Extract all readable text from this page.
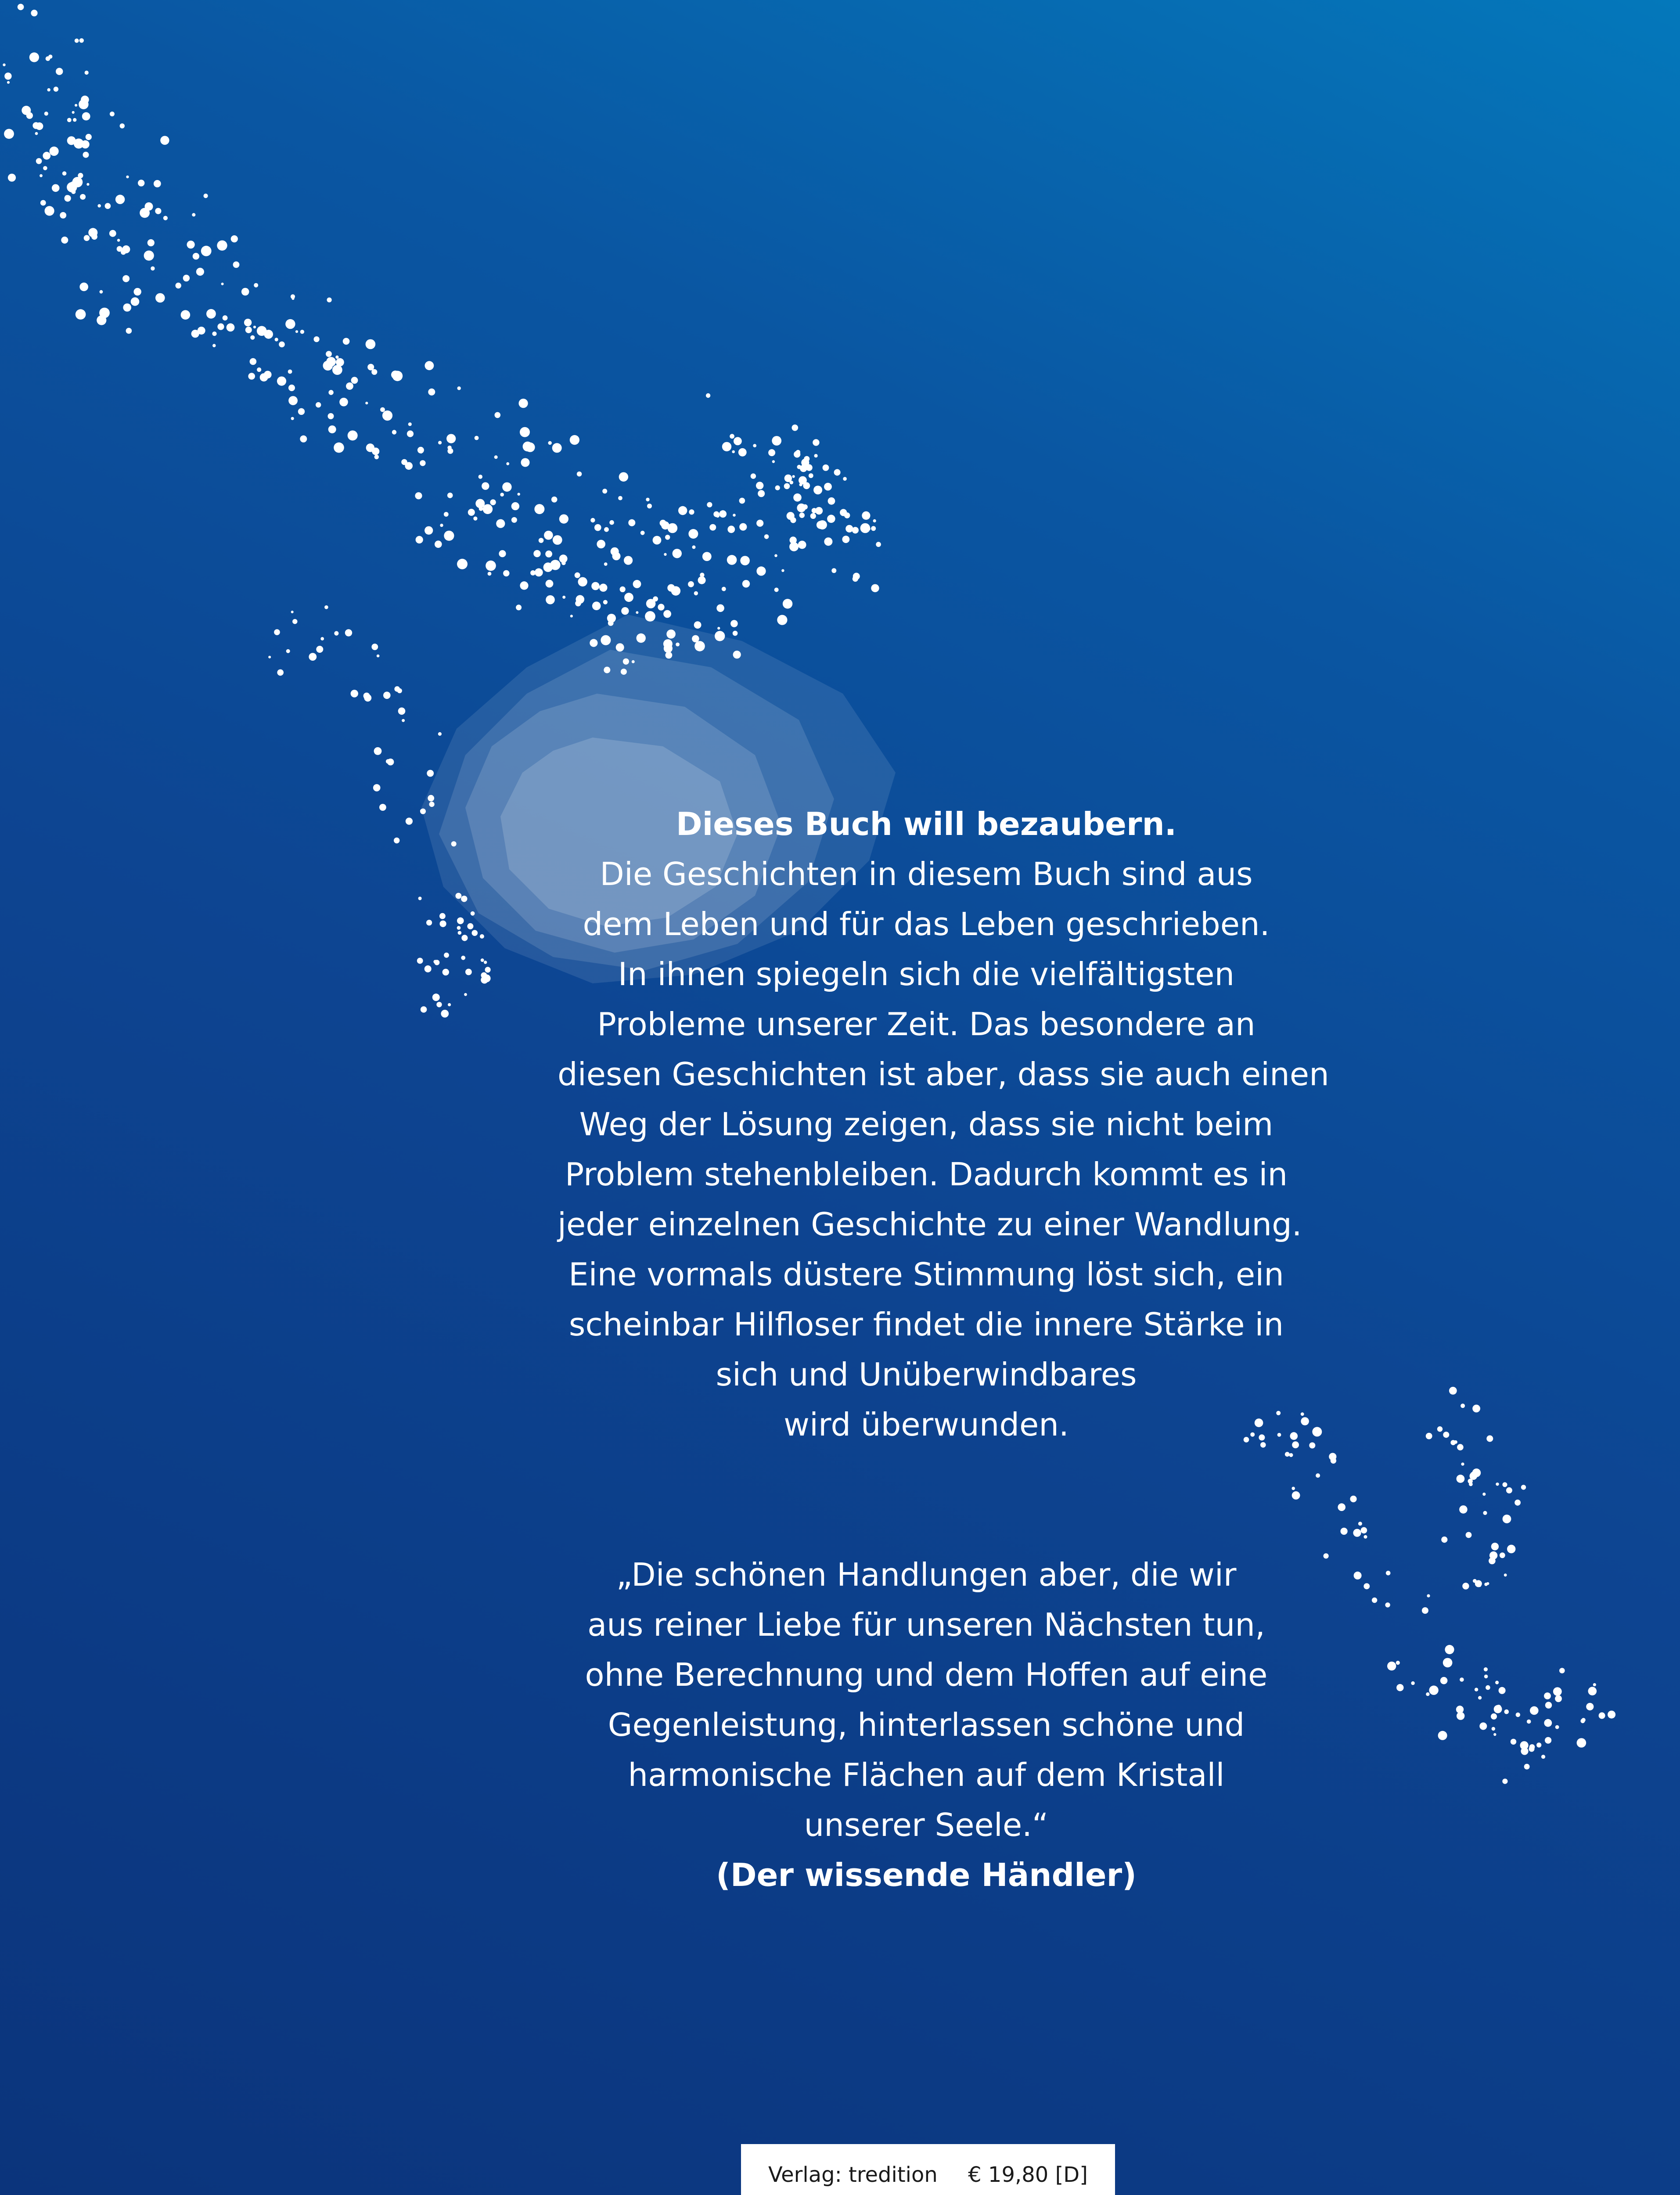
Dieses Buch will bezaubern.
Die Geschichten in diesem Buch sind aus
dem Leben und für das Leben geschrieben.
In ihnen spiegeln sich die vielfältigsten
Probleme unserer Zeit. Das besondere an
diesen Geschichten ist aber, dass sie auch einen
Weg der Lösung zeigen, dass sie nicht beim
Problem stehenbleiben. Dadurch kommt es in
jeder einzelnen Geschichte zu einer Wandlung.
Eine vormals düstere Stimmung löst sich, ein
scheinbar Hilfloser findet die innere Stärke in
sich und Unüberwindbares
wird überwunden.
„Die schönen Handlungen aber, die wir
aus reiner Liebe für unseren Nächsten tun,
ohne Berechnung und dem Hoffen auf eine
Gegenleistung, hinterlassen schöne und
harmonische Flächen auf dem Kristall
unserer Seele.“
(Der wissende Händler)
Verlag: tredition € 19,80 [D]
